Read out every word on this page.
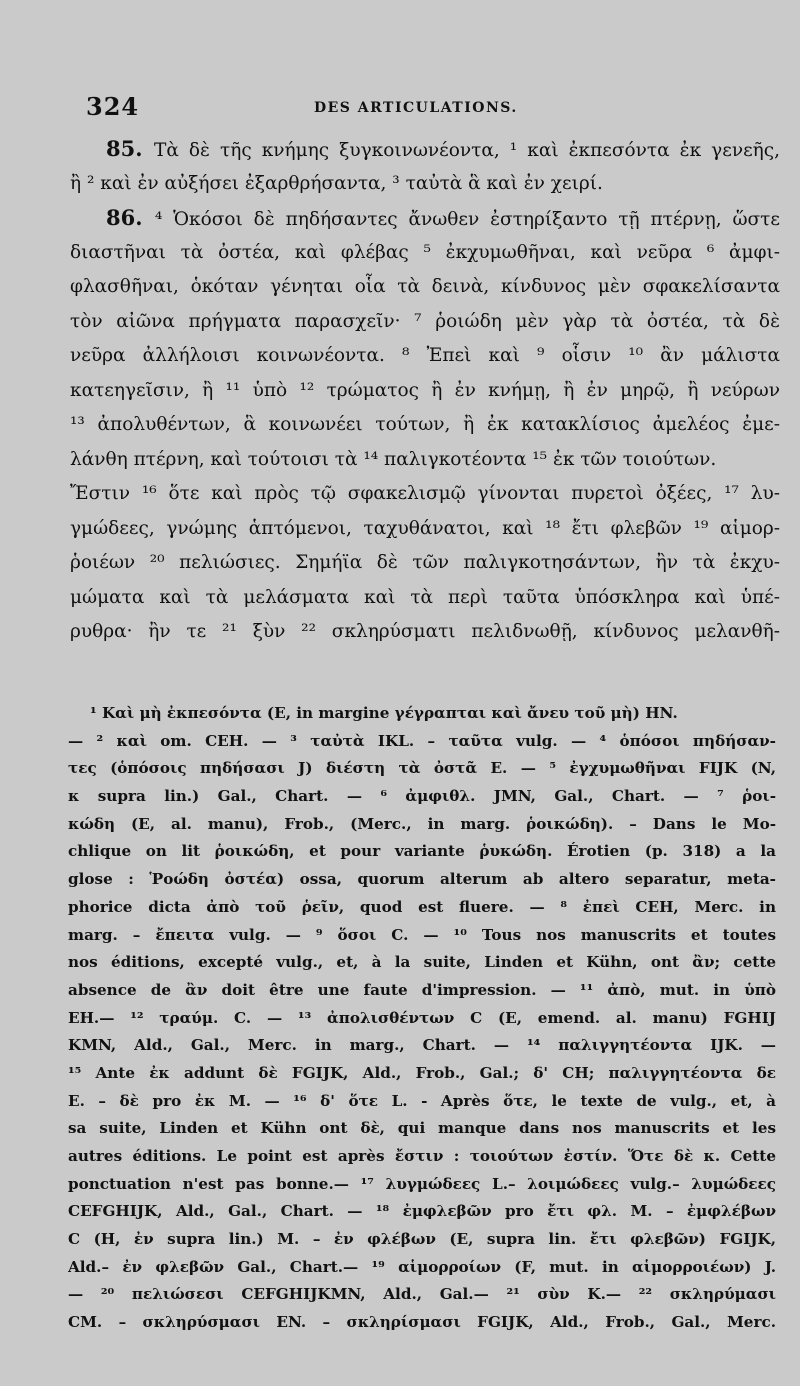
324	DES ARTICULATIONS.
85. Τὰ δὲ τῆς κνήμης ξυγκοινωνέοντα, ¹ καὶ ἐκπεσόντα ἐκ γενεῆς,
ἢ ² καὶ ἐν αὐξήσει ἐξαρθρήσαντα, ³ ταὐτὰ ἃ καὶ ἐν χειρί.
86. ⁴ Ὁκόσοι δὲ πηδήσαντες ἄνωθεν ἐστηρίξαντο τῇ πτέρνῃ, ὥστε
διαστῆναι τὰ ὀστέα, καὶ φλέβας ⁵ ἐκχυμωθῆναι, καὶ νεῦρα ⁶ ἀμφι-
φλασθῆναι, ὁκόταν γένηται οἷα τὰ δεινὰ, κίνδυνος μὲν σφακελίσαντα
τὸν αἰῶνα πρήγματα παρασχεῖν· ⁷ ῥοιώδη μὲν γὰρ τὰ ὀστέα, τὰ δὲ
νεῦρα ἀλλήλοισι κοινωνέοντα. ⁸ Ἐπεὶ καὶ ⁹ οἷσιν ¹⁰ ἂν μάλιστα
κατεηγεῖσιν, ἢ ¹¹ ὑπὸ ¹² τρώματος ἢ ἐν κνήμῃ, ἢ ἐν μηρῷ, ἢ νεύρων
¹³ ἀπολυθέντων, ἃ κοινωνέει τούτων, ἢ ἐκ κατακλίσιος ἀμελέος ἐμε-
λάνθη πτέρνη, καὶ τούτοισι τὰ ¹⁴ παλιγκοτέοντα ¹⁵ ἐκ τῶν τοιούτων.
Ἔστιν ¹⁶ ὅτε καὶ πρὸς τῷ σφακελισμῷ γίνονται πυρετοὶ ὀξέες, ¹⁷ λυ-
γμώδεες, γνώμης ἁπτόμενοι, ταχυθάνατοι, καὶ ¹⁸ ἔτι φλεβῶν ¹⁹ αἱμορ-
ῥοιέων ²⁰ πελιώσιες. Σημήϊα δὲ τῶν παλιγκοτησάντων, ἢν τὰ ἐκχυ-
μώματα καὶ τὰ μελάσματα καὶ τὰ περὶ ταῦτα ὑπόσκληρα καὶ ὑπέ-
ρυθρα· ἢν τε ²¹ ξὺν ²² σκληρύσματι πελιδνωθῇ, κίνδυνος μελανθῆ-
¹ Καὶ μὴ ἐκπεσόντα (E, in margine γέγραπται καὶ ἄνευ τοῦ μὴ) HN.
— ² καὶ om. CEH. — ³ ταὐτὰ IKL. – ταῦτα vulg. — ⁴ ὁπόσοι πηδήσαν-
τες (ὁπόσοις πηδήσασι J) διέστη τὰ ὀστᾶ E. — ⁵ ἐγχυμωθῆναι FIJK (N,
κ supra lin.) Gal., Chart. — ⁶ ἀμφιθλ. JMN, Gal., Chart. — ⁷ ῥοι-
κώδη (E, al. manu), Frob., (Merc., in marg. ῥοικώδη). – Dans le Mo-
chlique on lit ῥοικώδη, et pour variante ῥυκώδη. Érotien (p. 318) a la
glose : Ῥοώδη ὀστέα) ossa, quorum alterum ab altero separatur, meta-
phorice dicta ἀπὸ τοῦ ῥεῖν, quod est fluere. — ⁸ ἐπεὶ CEH, Merc. in
marg. – ἔπειτα vulg. — ⁹ ὅσοι C. — ¹⁰ Tous nos manuscrits et toutes
nos éditions, excepté vulg., et, à la suite, Linden et Kühn, ont ἂν; cette
absence de ἂν doit être une faute d'impression. — ¹¹ ἀπὸ, mut. in ὑπὸ
EH.— ¹² τραύμ. C. — ¹³ ἀπολισθέντων C (E, emend. al. manu) FGHIJ
KMN, Ald., Gal., Merc. in marg., Chart. — ¹⁴ παλιγγητέοντα IJK. —
¹⁵ Ante ἐκ addunt δὲ FGIJK, Ald., Frob., Gal.; δ' CH; παλιγγητέοντα δε
E. – δὲ pro ἐκ M. — ¹⁶ δ' ὅτε L. - Après ὅτε, le texte de vulg., et, à
sa suite, Linden et Kühn ont δὲ, qui manque dans nos manuscrits et les
autres éditions. Le point est après ἔστιν : τοιούτων ἐστίν. Ὅτε δὲ κ. Cette
ponctuation n'est pas bonne.— ¹⁷ λυγμώδεες L.– λοιμώδεες vulg.– λυμώδεες
CEFGHIJK, Ald., Gal., Chart. — ¹⁸ ἐμφλεβῶν pro ἔτι φλ. M. – ἐμφλέβων
C (H, ἐν supra lin.) M. – ἐν φλέβων (E, supra lin. ἔτι φλεβῶν) FGIJK,
Ald.– ἐν φλεβῶν Gal., Chart.— ¹⁹ αἱμορροίων (F, mut. in αἱμορροιέων) J.
— ²⁰ πελιώσεσι CEFGHIJKMN, Ald., Gal.— ²¹ σὺν K.— ²² σκληρύμασι
CM. – σκληρύσμασι EN. – σκληρίσμασι FGIJK, Ald., Frob., Gal., Merc.
